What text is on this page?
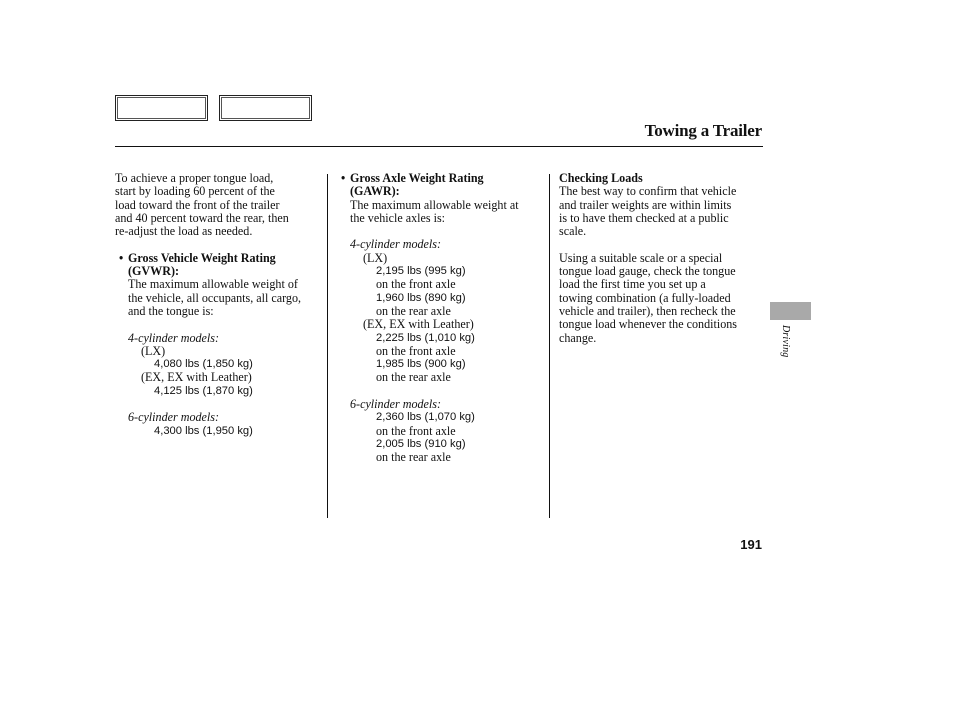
Towing a Trailer

To achieve a proper tongue load,

start by loading 60 percent of the

load toward the front of the trailer

and 40 percent toward the rear, then

re-adjust the load as needed.

• Gross Vehicle Weight Rating

(GVWR):

The maximum allowable weight of

the vehicle, all occupants, all cargo,

and the tongue is:

4-cylinder models:

(LX)

4,080 lbs (1,850 kg)

(EX, EX with Leather)

4,125 lbs (1,870 kg)

6-cylinder models:

4,300 lbs (1,950 kg)

• Gross Axle Weight Rating

(GAWR):

The maximum allowable weight at

the vehicle axles is:

4-cylinder models:

(LX)

2,195 lbs (995 kg)

on the front axle

1,960 lbs (890 kg)

on the rear axle

(EX, EX with Leather)

2,225 lbs (1,010 kg)

on the front axle

1,985 lbs (900 kg)

on the rear axle

6-cylinder models:

2,360 lbs (1,070 kg)

on the front axle

2,005 lbs (910 kg)

on the rear axle

Checking Loads

The best way to confirm that vehicle

and trailer weights are within limits

is to have them checked at a public

scale.

Using a suitable scale or a special

tongue load gauge, check the tongue

load the first time you set up a

towing combination (a fully-loaded

vehicle and trailer), then recheck the

tongue load whenever the conditions

change.	Driving
191
